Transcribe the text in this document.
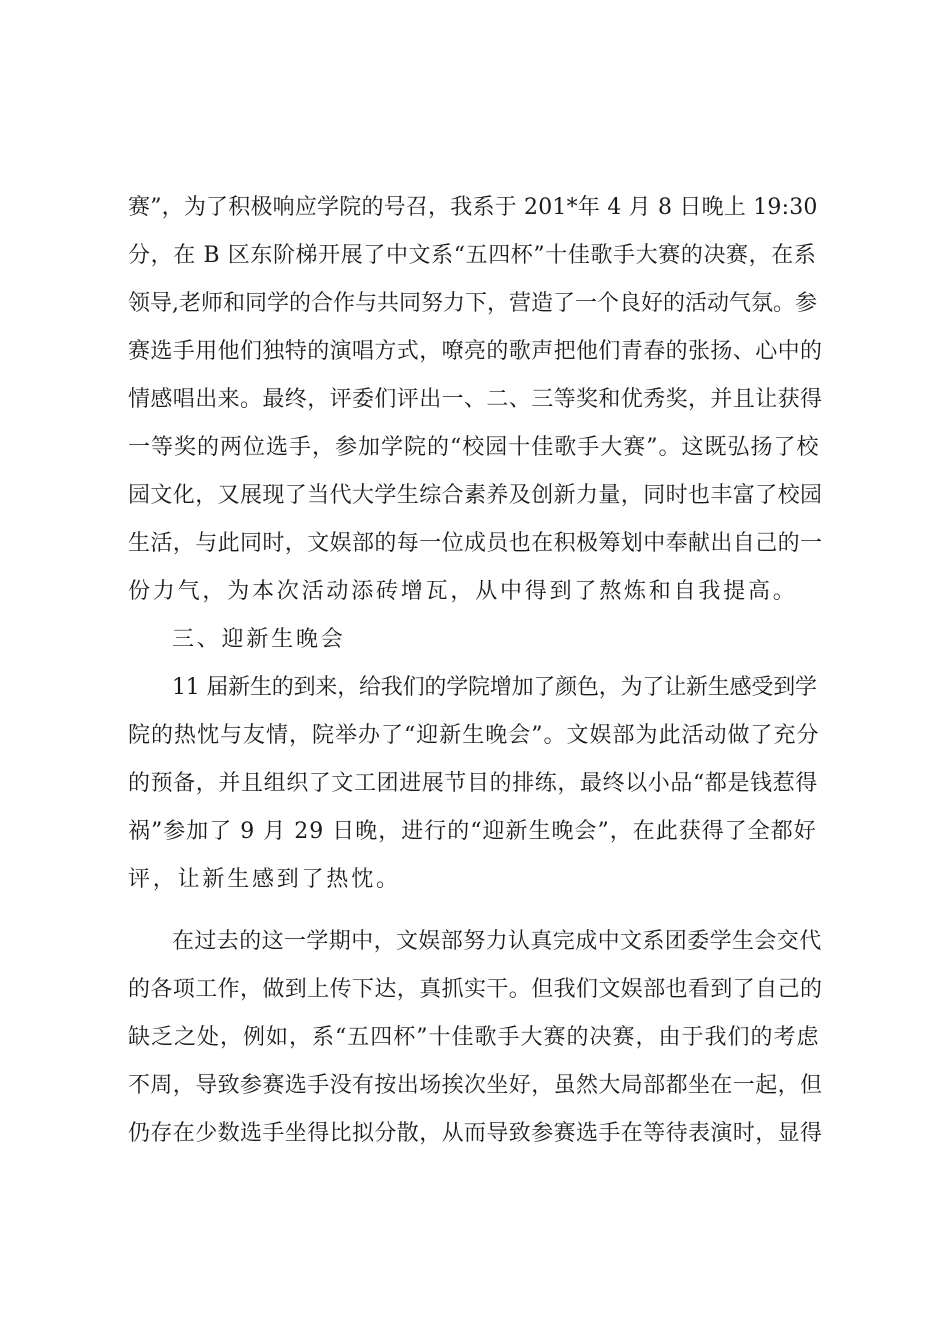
赛”，为了积极响应学院的号召，我系于 201*年 4 月 8 日晚上 19:30
分，在 B 区东阶梯开展了中文系“五四杯”十佳歌手大赛的决赛，在系
领导,老师和同学的合作与共同努力下，营造了一个良好的活动气氛。参
赛选手用他们独特的演唱方式，嘹亮的歌声把他们青春的张扬、心中的
情感唱出来。最终，评委们评出一、二、三等奖和优秀奖，并且让获得
一等奖的两位选手，参加学院的“校园十佳歌手大赛”。这既弘扬了校
园文化，又展现了当代大学生综合素养及创新力量，同时也丰富了校园
生活，与此同时，文娱部的每一位成员也在积极筹划中奉献出自己的一
份力气，为本次活动添砖增瓦，从中得到了熬炼和自我提高。
三、迎新生晚会
11 届新生的到来，给我们的学院增加了颜色，为了让新生感受到学
院的热忱与友情，院举办了“迎新生晚会”。文娱部为此活动做了充分
的预备，并且组织了文工团进展节目的排练，最终以小品“都是钱惹得
祸”参加了 9 月 29 日晚，进行的“迎新生晚会”，在此获得了全都好
评，让新生感到了热忱。
在过去的这一学期中，文娱部努力认真完成中文系团委学生会交代
的各项工作，做到上传下达，真抓实干。但我们文娱部也看到了自己的
缺乏之处，例如，系“五四杯”十佳歌手大赛的决赛，由于我们的考虑
不周，导致参赛选手没有按出场挨次坐好，虽然大局部都坐在一起，但
仍存在少数选手坐得比拟分散，从而导致参赛选手在等待表演时，显得
